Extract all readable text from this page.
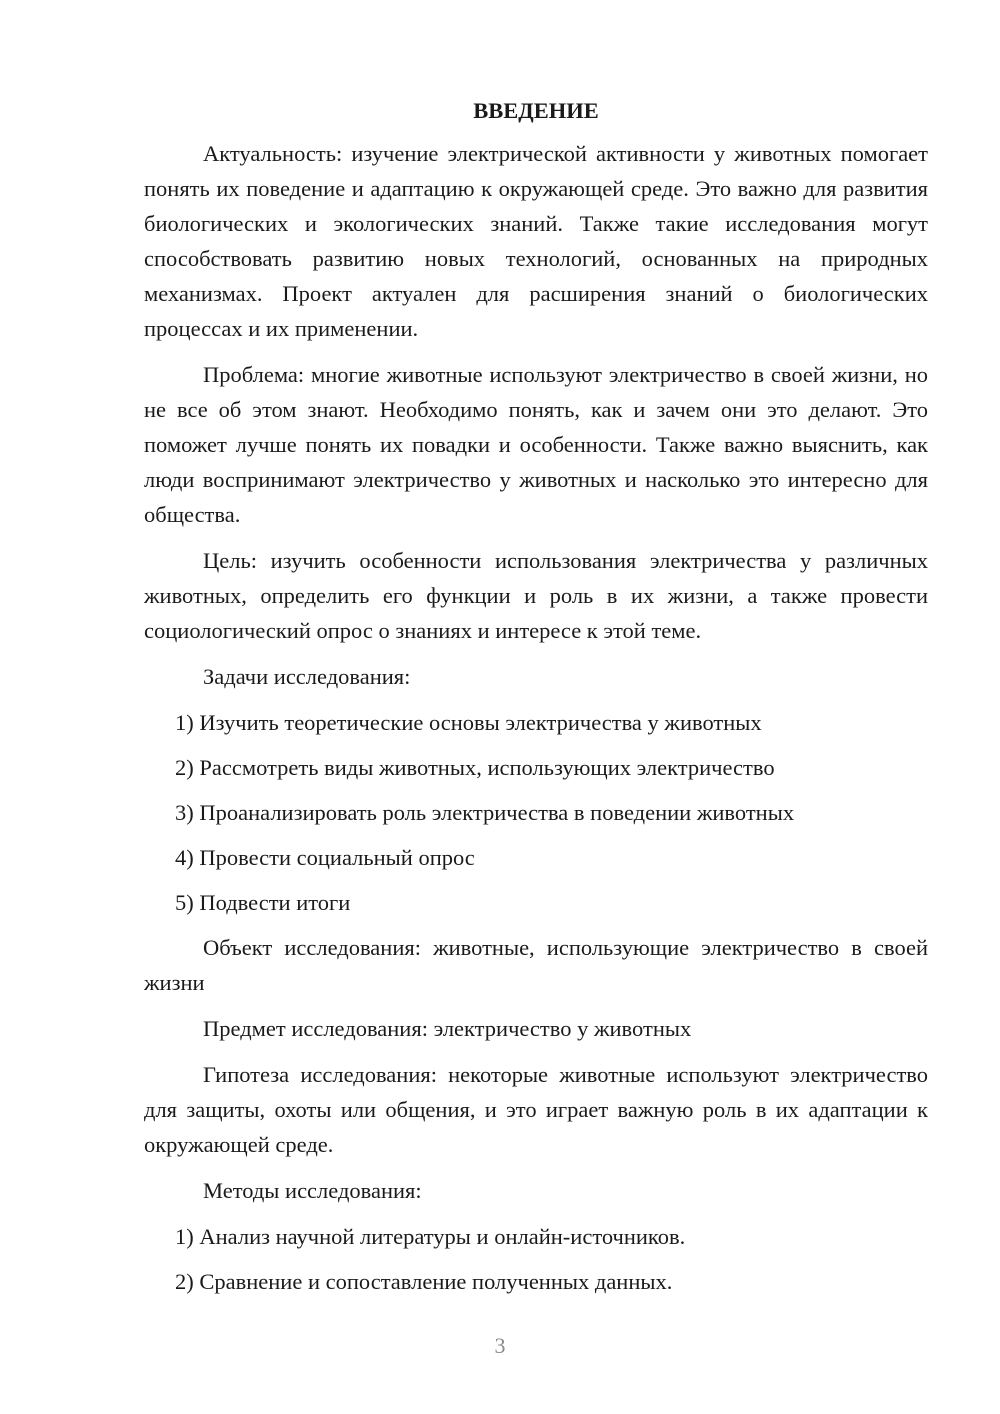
ВВЕДЕНИЕ

Актуальность: изучение электрической активности у животных помогает понять их поведение и адаптацию к окружающей среде. Это важно для развития биологических и экологических знаний. Также такие исследования могут способствовать развитию новых технологий, основанных на природных механизмах. Проект актуален для расширения знаний о биологических процессах и их применении.

Проблема: многие животные используют электричество в своей жизни, но не все об этом знают. Необходимо понять, как и зачем они это делают. Это поможет лучше понять их повадки и особенности. Также важно выяснить, как люди воспринимают электричество у животных и насколько это интересно для общества.

Цель: изучить особенности использования электричества у различных животных, определить его функции и роль в их жизни, а также провести социологический опрос о знаниях и интересе к этой теме.

Задачи исследования:

1) Изучить теоретические основы электричества у животных
2) Рассмотреть виды животных, использующих электричество
3) Проанализировать роль электричества в поведении животных
4) Провести социальный опрос
5) Подвести итоги

Объект исследования: животные, использующие электричество в своей жизни

Предмет исследования: электричество у животных

Гипотеза исследования: некоторые животные используют электричество для защиты, охоты или общения, и это играет важную роль в их адаптации к окружающей среде.

Методы исследования:

1) Анализ научной литературы и онлайн-источников.
2) Сравнение и сопоставление полученных данных.
3
